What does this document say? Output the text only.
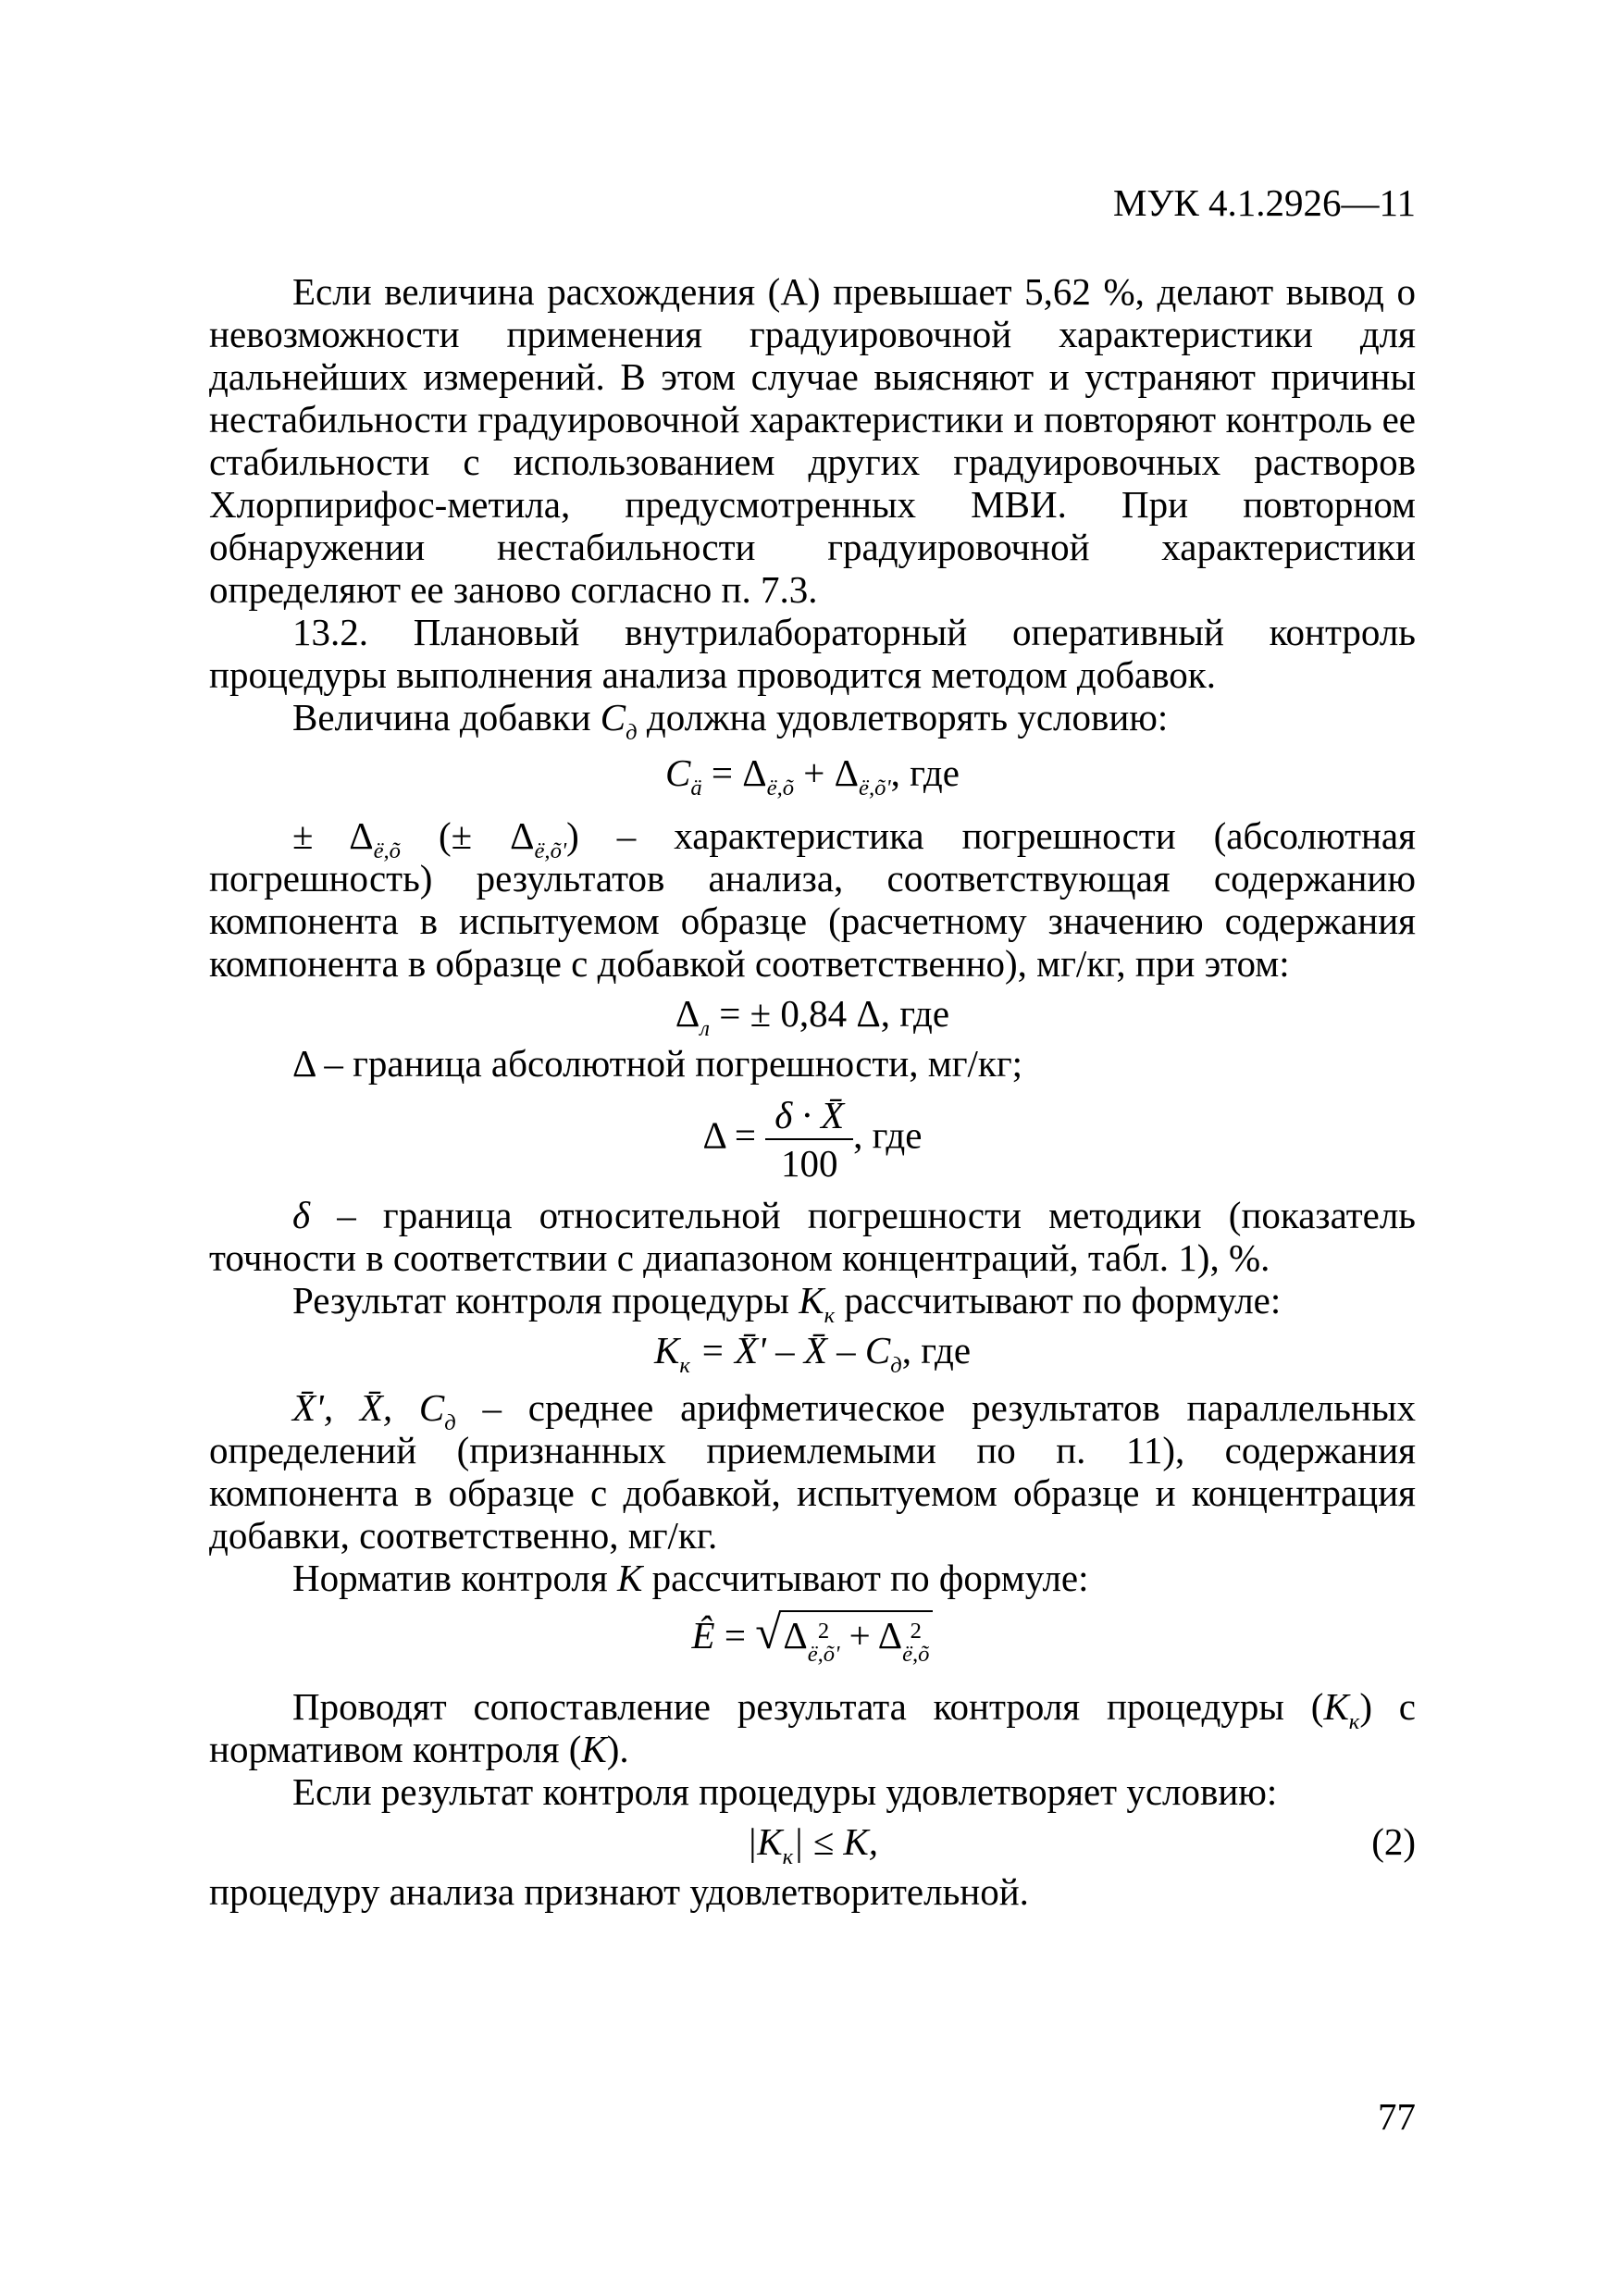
МУК 4.1.2926—11

Если величина расхождения (A) превышает 5,62 %, делают вывод о невозможности применения градуировочной характеристики для дальнейших измерений. В этом случае выясняют и устраняют причины нестабильности градуировочной характеристики и повторяют контроль ее стабильности с использованием других градуировочных растворов Хлорпирифос-метила, предусмотренных МВИ. При повторном обнаружении нестабильности градуировочной характеристики определяют ее заново согласно п. 7.3.

13.2. Плановый внутрилабораторный оперативный контроль процедуры выполнения анализа проводится методом добавок.

Величина добавки $C_д$ должна удовлетворять условию:

$C_ä = \Delta_{ë,õ} + \Delta_{ë,õ'}$, где

± $\Delta_{ë,õ}$ (± $\Delta_{ë,õ'}$) – характеристика погрешности (абсолютная погрешность) результатов анализа, соответствующая содержанию компонента в испытуемом образце (расчетному значению содержания компонента в образце с добавкой соответственно), мг/кг, при этом:

$\Delta_л$ = ± 0,84 Δ, где

Δ – граница абсолютной погрешности, мг/кг;

$\Delta = \frac{\delta \cdot X̄}{100}$ , где

δ – граница относительной погрешности методики (показатель точности в соответствии с диапазоном концентраций, табл. 1), %.

Результат контроля процедуры $K_к$ рассчитывают по формуле:

$K_к$ = X̄' – X̄ – $C_д$, где

X̄', X̄, $C_д$ – среднее арифметическое результатов параллельных определений (признанных приемлемыми по п. 11), содержания компонента в образце с добавкой, испытуемом образце и концентрация добавки, соответственно, мг/кг.

Норматив контроля K рассчитывают по формуле:

Ê = √Δ 2
ë,õ' + Δ 2
ë,õ

Проводят сопоставление результата контроля процедуры $(K_к)$ с нормативом контроля (K).

Если результат контроля процедуры удовлетворяет условию:

$|K_к| \le K$,	(2)

процедуру анализа признают удовлетворительной.

77
